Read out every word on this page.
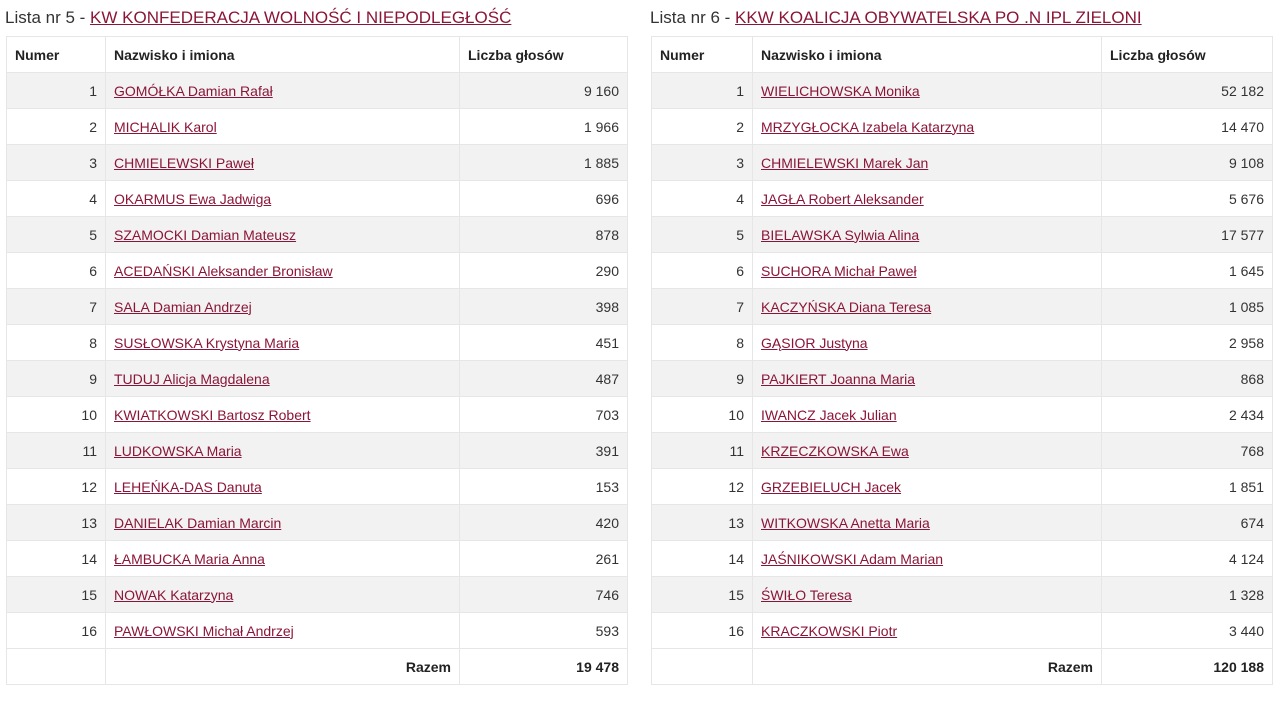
Lista nr 5 - KW KONFEDERACJA WOLNOŚĆ I NIEPODLEGŁOŚĆ
Numer	Nazwisko i imiona	Liczba głosów
1	GOMÓŁKA Damian Rafał	9 160
2	MICHALIK Karol	1 966
3	CHMIELEWSKI Paweł	1 885
4	OKARMUS Ewa Jadwiga	696
5	SZAMOCKI Damian Mateusz	878
6	ACEDAŃSKI Aleksander Bronisław	290
7	SALA Damian Andrzej	398
8	SUSŁOWSKA Krystyna Maria	451
9	TUDUJ Alicja Magdalena	487
10	KWIATKOWSKI Bartosz Robert	703
11	LUDKOWSKA Maria	391
12	LEHEŃKA-DAS Danuta	153
13	DANIELAK Damian Marcin	420
14	ŁAMBUCKA Maria Anna	261
15	NOWAK Katarzyna	746
16	PAWŁOWSKI Michał Andrzej	593
	Razem	19 478
Lista nr 6 - KKW KOALICJA OBYWATELSKA PO .N IPL ZIELONI
Numer	Nazwisko i imiona	Liczba głosów
1	WIELICHOWSKA Monika	52 182
2	MRZYGŁOCKA Izabela Katarzyna	14 470
3	CHMIELEWSKI Marek Jan	9 108
4	JAGŁA Robert Aleksander	5 676
5	BIELAWSKA Sylwia Alina	17 577
6	SUCHORA Michał Paweł	1 645
7	KACZYŃSKA Diana Teresa	1 085
8	GĄSIOR Justyna	2 958
9	PAJKIERT Joanna Maria	868
10	IWANCZ Jacek Julian	2 434
11	KRZECZKOWSKA Ewa	768
12	GRZEBIELUCH Jacek	1 851
13	WITKOWSKA Anetta Maria	674
14	JAŚNIKOWSKI Adam Marian	4 124
15	ŚWIŁO Teresa	1 328
16	KRACZKOWSKI Piotr	3 440
	Razem	120 188
